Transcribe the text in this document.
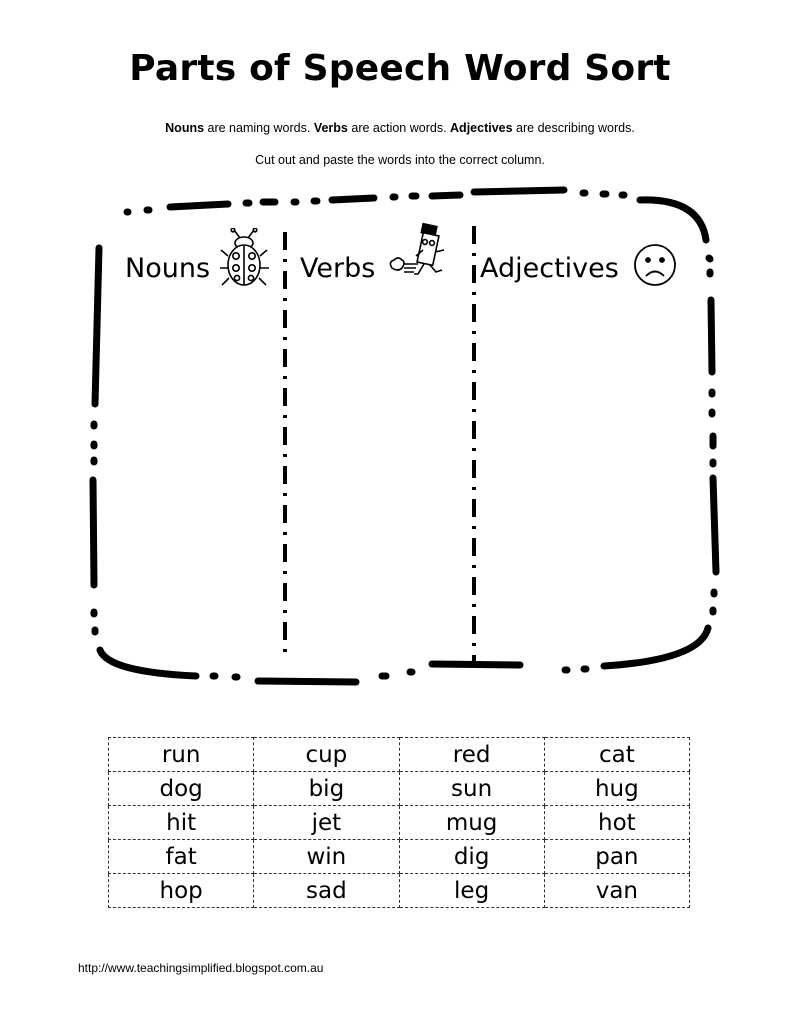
Parts of Speech Word Sort
Nouns are naming words. Verbs are action words. Adjectives are describing words.
Cut out and paste the words into the correct column.
Nouns	Verbs	Adjectives
run	cup	red	cat
dog	big	sun	hug
hit	jet	mug	hot
fat	win	dig	pan
hop	sad	leg	van
http://www.teachingsimplified.blogspot.com.au
